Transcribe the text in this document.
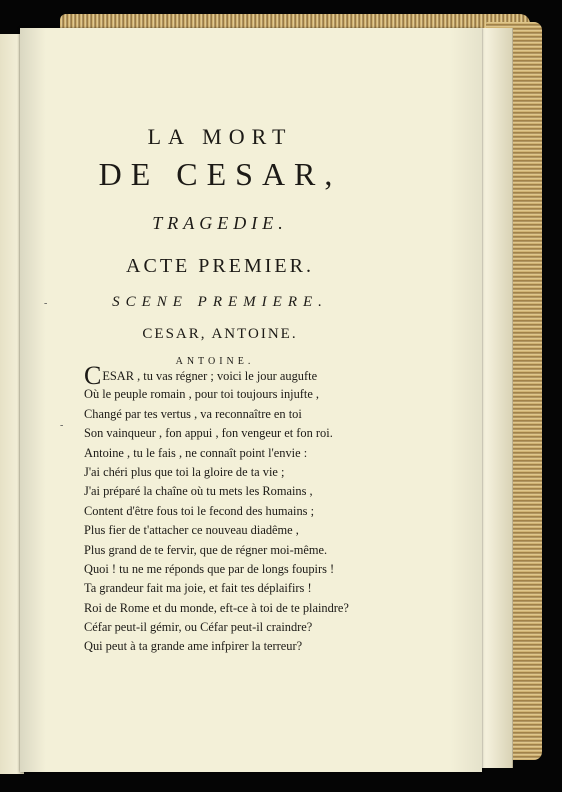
LA MORT
DE CESAR,
TRAGEDIE.
ACTE PREMIER.
SCENE PREMIERE.
CESAR, ANTOINE.
ANTOINE.
CESAR , tu vas régner ; voici le jour augufte
Où le peuple romain , pour toi toujours injufte ,
Changé par tes vertus , va reconnaître en toi
Son vainqueur , fon appui , fon vengeur et fon roi.
Antoine , tu le fais , ne connaît point l'envie :
J'ai chéri plus que toi la gloire de ta vie ;
J'ai préparé la chaîne où tu mets les Romains ,
Content d'être fous toi le fecond des humains ;
Plus fier de t'attacher ce nouveau diadême ,
Plus grand de te fervir, que de régner moi-même.
Quoi ! tu ne me réponds que par de longs foupirs !
Ta grandeur fait ma joie, et fait tes déplaifirs !
Roi de Rome et du monde, eft-ce à toi de te plaindre?
Céfar peut-il gémir, ou Céfar peut-il craindre?
Qui peut à ta grande ame infpirer la terreur?
-
-
